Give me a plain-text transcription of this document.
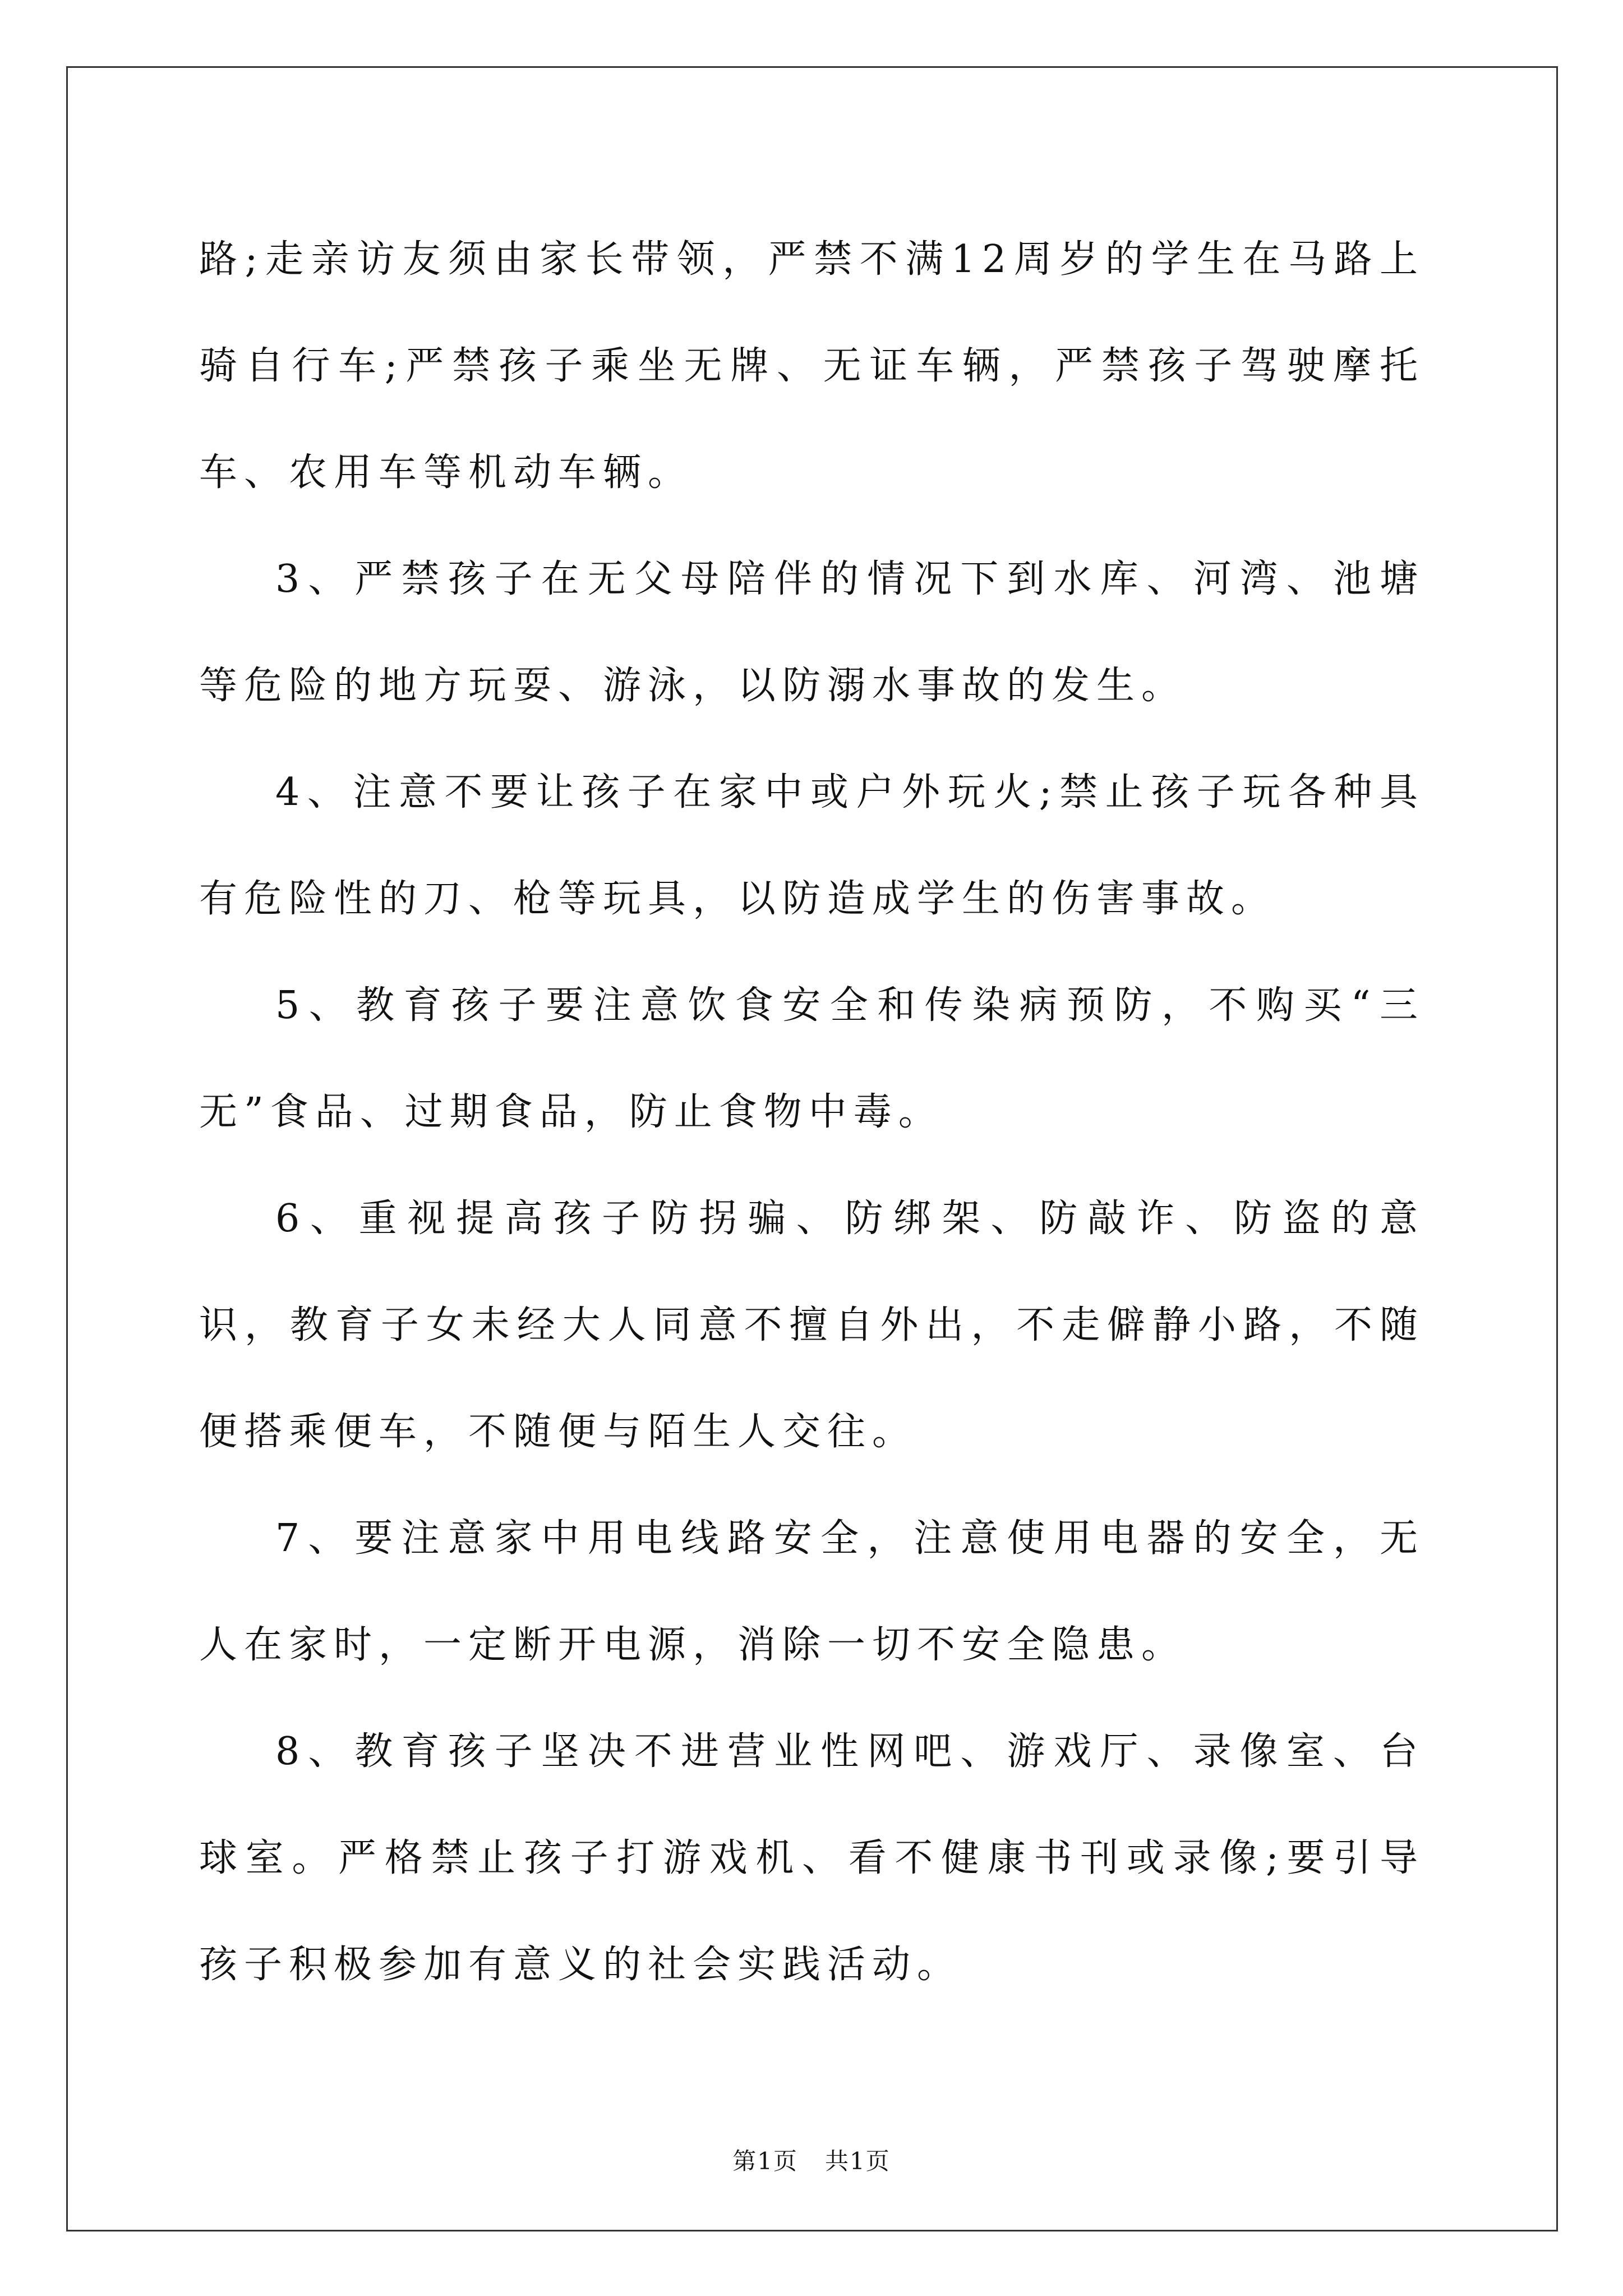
路;走亲访友须由家长带领，严禁不满12周岁的学生在马路上骑自行车;严禁孩子乘坐无牌、无证车辆，严禁孩子驾驶摩托车、农用车等机动车辆。

3、严禁孩子在无父母陪伴的情况下到水库、河湾、池塘等危险的地方玩耍、游泳，以防溺水事故的发生。

4、注意不要让孩子在家中或户外玩火;禁止孩子玩各种具有危险性的刀、枪等玩具，以防造成学生的伤害事故。

5、教育孩子要注意饮食安全和传染病预防，不购买“三无”食品、过期食品，防止食物中毒。

6、重视提高孩子防拐骗、防绑架、防敲诈、防盗的意识，教育子女未经大人同意不擅自外出，不走僻静小路，不随便搭乘便车，不随便与陌生人交往。

7、要注意家中用电线路安全，注意使用电器的安全，无人在家时，一定断开电源，消除一切不安全隐患。

8、教育孩子坚决不进营业性网吧、游戏厅、录像室、台球室。严格禁止孩子打游戏机、看不健康书刊或录像;要引导孩子积极参加有意义的社会实践活动。

第1页 共1页
